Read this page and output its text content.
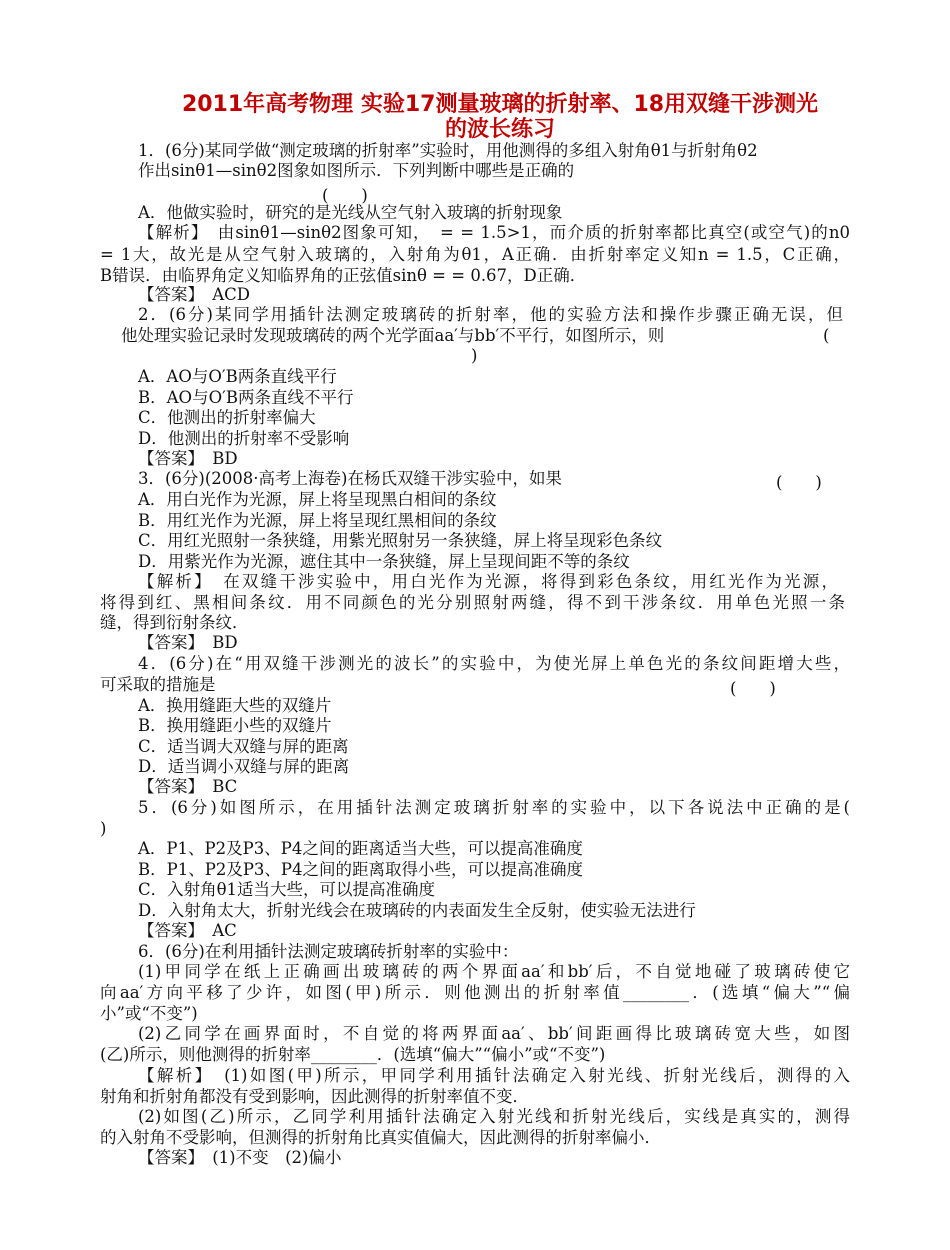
2011年高考物理 实验17测量玻璃的折射率、18用双缝干涉测光
的波长练习
1．(6分)某同学做“测定玻璃的折射率”实验时，用他测得的多组入射角θ1与折射角θ2
作出sinθ1—sinθ2图象如图所示．下列判断中哪些是正确的
(　　)
A．他做实验时，研究的是光线从空气射入玻璃的折射现象
【解析】　由sinθ1—sinθ2图象可知，　= = 1.5>1，而介质的折射率都比真空(或空气)的n0
= 1大，故光是从空气射入玻璃的，入射角为θ1，A正确．由折射率定义知n = 1.5，C正确，
B错误．由临界角定义知临界角的正弦值sinθ = = 0.67，D正确．
【答案】　ACD
2．(6分)某同学用插针法测定玻璃砖的折射率，他的实验方法和操作步骤正确无误，但
他处理实验记录时发现玻璃砖的两个光学面aa′与bb′不平行，如图所示，则	(
)
A．AO与O′B两条直线平行
B．AO与O′B两条直线不平行
C．他测出的折射率偏大
D．他测出的折射率不受影响
【答案】　BD
3．(6分)(2008·高考上海卷)在杨氏双缝干涉实验中，如果	(　　)
A．用白光作为光源，屏上将呈现黑白相间的条纹
B．用红光作为光源，屏上将呈现红黑相间的条纹
C．用红光照射一条狭缝，用紫光照射另一条狭缝，屏上将呈现彩色条纹
D．用紫光作为光源，遮住其中一条狭缝，屏上呈现间距不等的条纹
【解析】　在双缝干涉实验中，用白光作为光源，将得到彩色条纹，用红光作为光源，
将得到红、黑相间条纹．用不同颜色的光分别照射两缝，得不到干涉条纹．用单色光照一条
缝，得到衍射条纹．
【答案】　BD
4．(6分)在“用双缝干涉测光的波长”的实验中，为使光屏上单色光的条纹间距增大些，
可采取的措施是	(　　)
A．换用缝距大些的双缝片
B．换用缝距小些的双缝片
C．适当调大双缝与屏的距离
D．适当调小双缝与屏的距离
【答案】　BC
5．(6分)如图所示，在用插针法测定玻璃折射率的实验中，以下各说法中正确的是(
)
A．P1、P2及P3、P4之间的距离适当大些，可以提高准确度
B．P1、P2及P3、P4之间的距离取得小些，可以提高准确度
C．入射角θ1适当大些，可以提高准确度
D．入射角太大，折射光线会在玻璃砖的内表面发生全反射，使实验无法进行
【答案】　AC
6．(6分)在利用插针法测定玻璃砖折射率的实验中：
(1)甲同学在纸上正确画出玻璃砖的两个界面aa′和bb′后，不自觉地碰了玻璃砖使它
向aa′方向平移了少许，如图(甲)所示．则他测出的折射率值________．(选填“偏大”“偏
小”或“不变”)
(2)乙同学在画界面时，不自觉的将两界面aa′、bb′间距画得比玻璃砖宽大些，如图
(乙)所示，则他测得的折射率________．(选填“偏大”“偏小”或“不变”)
【解析】　(1)如图(甲)所示，甲同学利用插针法确定入射光线、折射光线后，测得的入
射角和折射角都没有受到影响，因此测得的折射率值不变．
(2)如图(乙)所示，乙同学利用插针法确定入射光线和折射光线后，实线是真实的，测得
的入射角不受影响，但测得的折射角比真实值偏大，因此测得的折射率偏小．
【答案】　(1)不变　(2)偏小
